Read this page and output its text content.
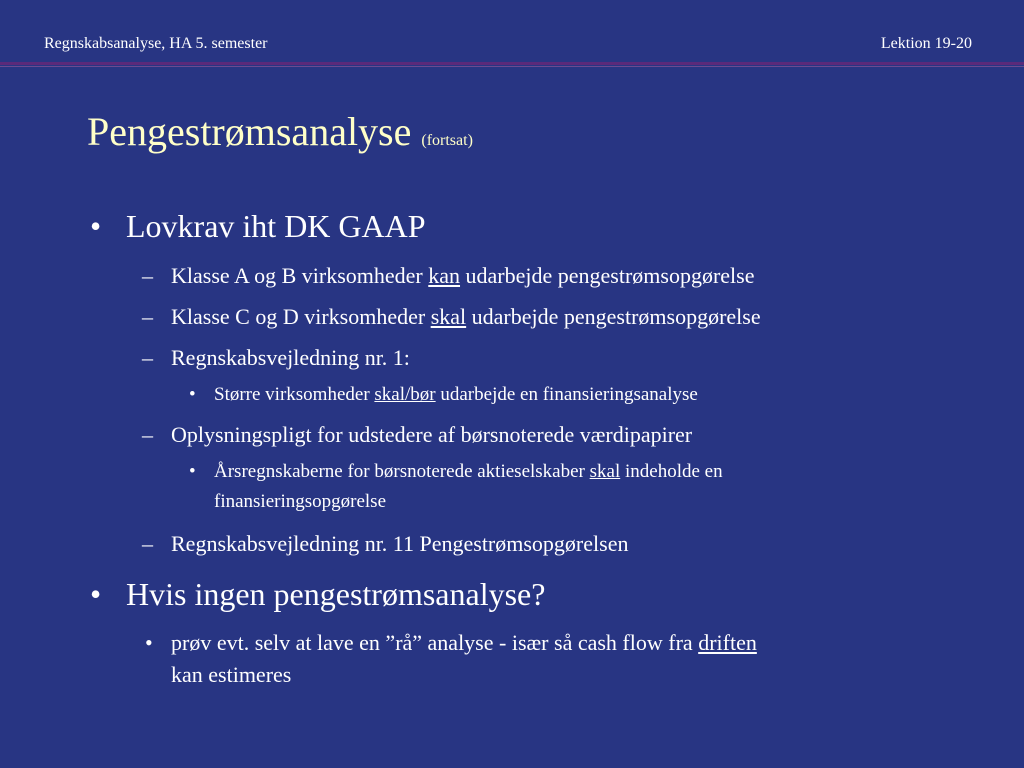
Regnskabsanalyse, HA 5. semester	Lektion 19-20
Pengestrømsanalyse (fortsat)
• Lovkrav iht DK GAAP
– Klasse A og B virksomheder kan udarbejde pengestrømsopgørelse
– Klasse C og D virksomheder skal udarbejde pengestrømsopgørelse
– Regnskabsvejledning nr. 1:
• Større virksomheder skal/bør udarbejde en finansieringsanalyse
– Oplysningspligt for udstedere af børsnoterede værdipapirer
• Årsregnskaberne for børsnoterede aktieselskaber skal indeholde en
finansieringsopgørelse
– Regnskabsvejledning nr. 11 Pengestrømsopgørelsen
• Hvis ingen pengestrømsanalyse?
• prøv evt. selv at lave en ”rå” analyse - især så cash flow fra driften
kan estimeres
